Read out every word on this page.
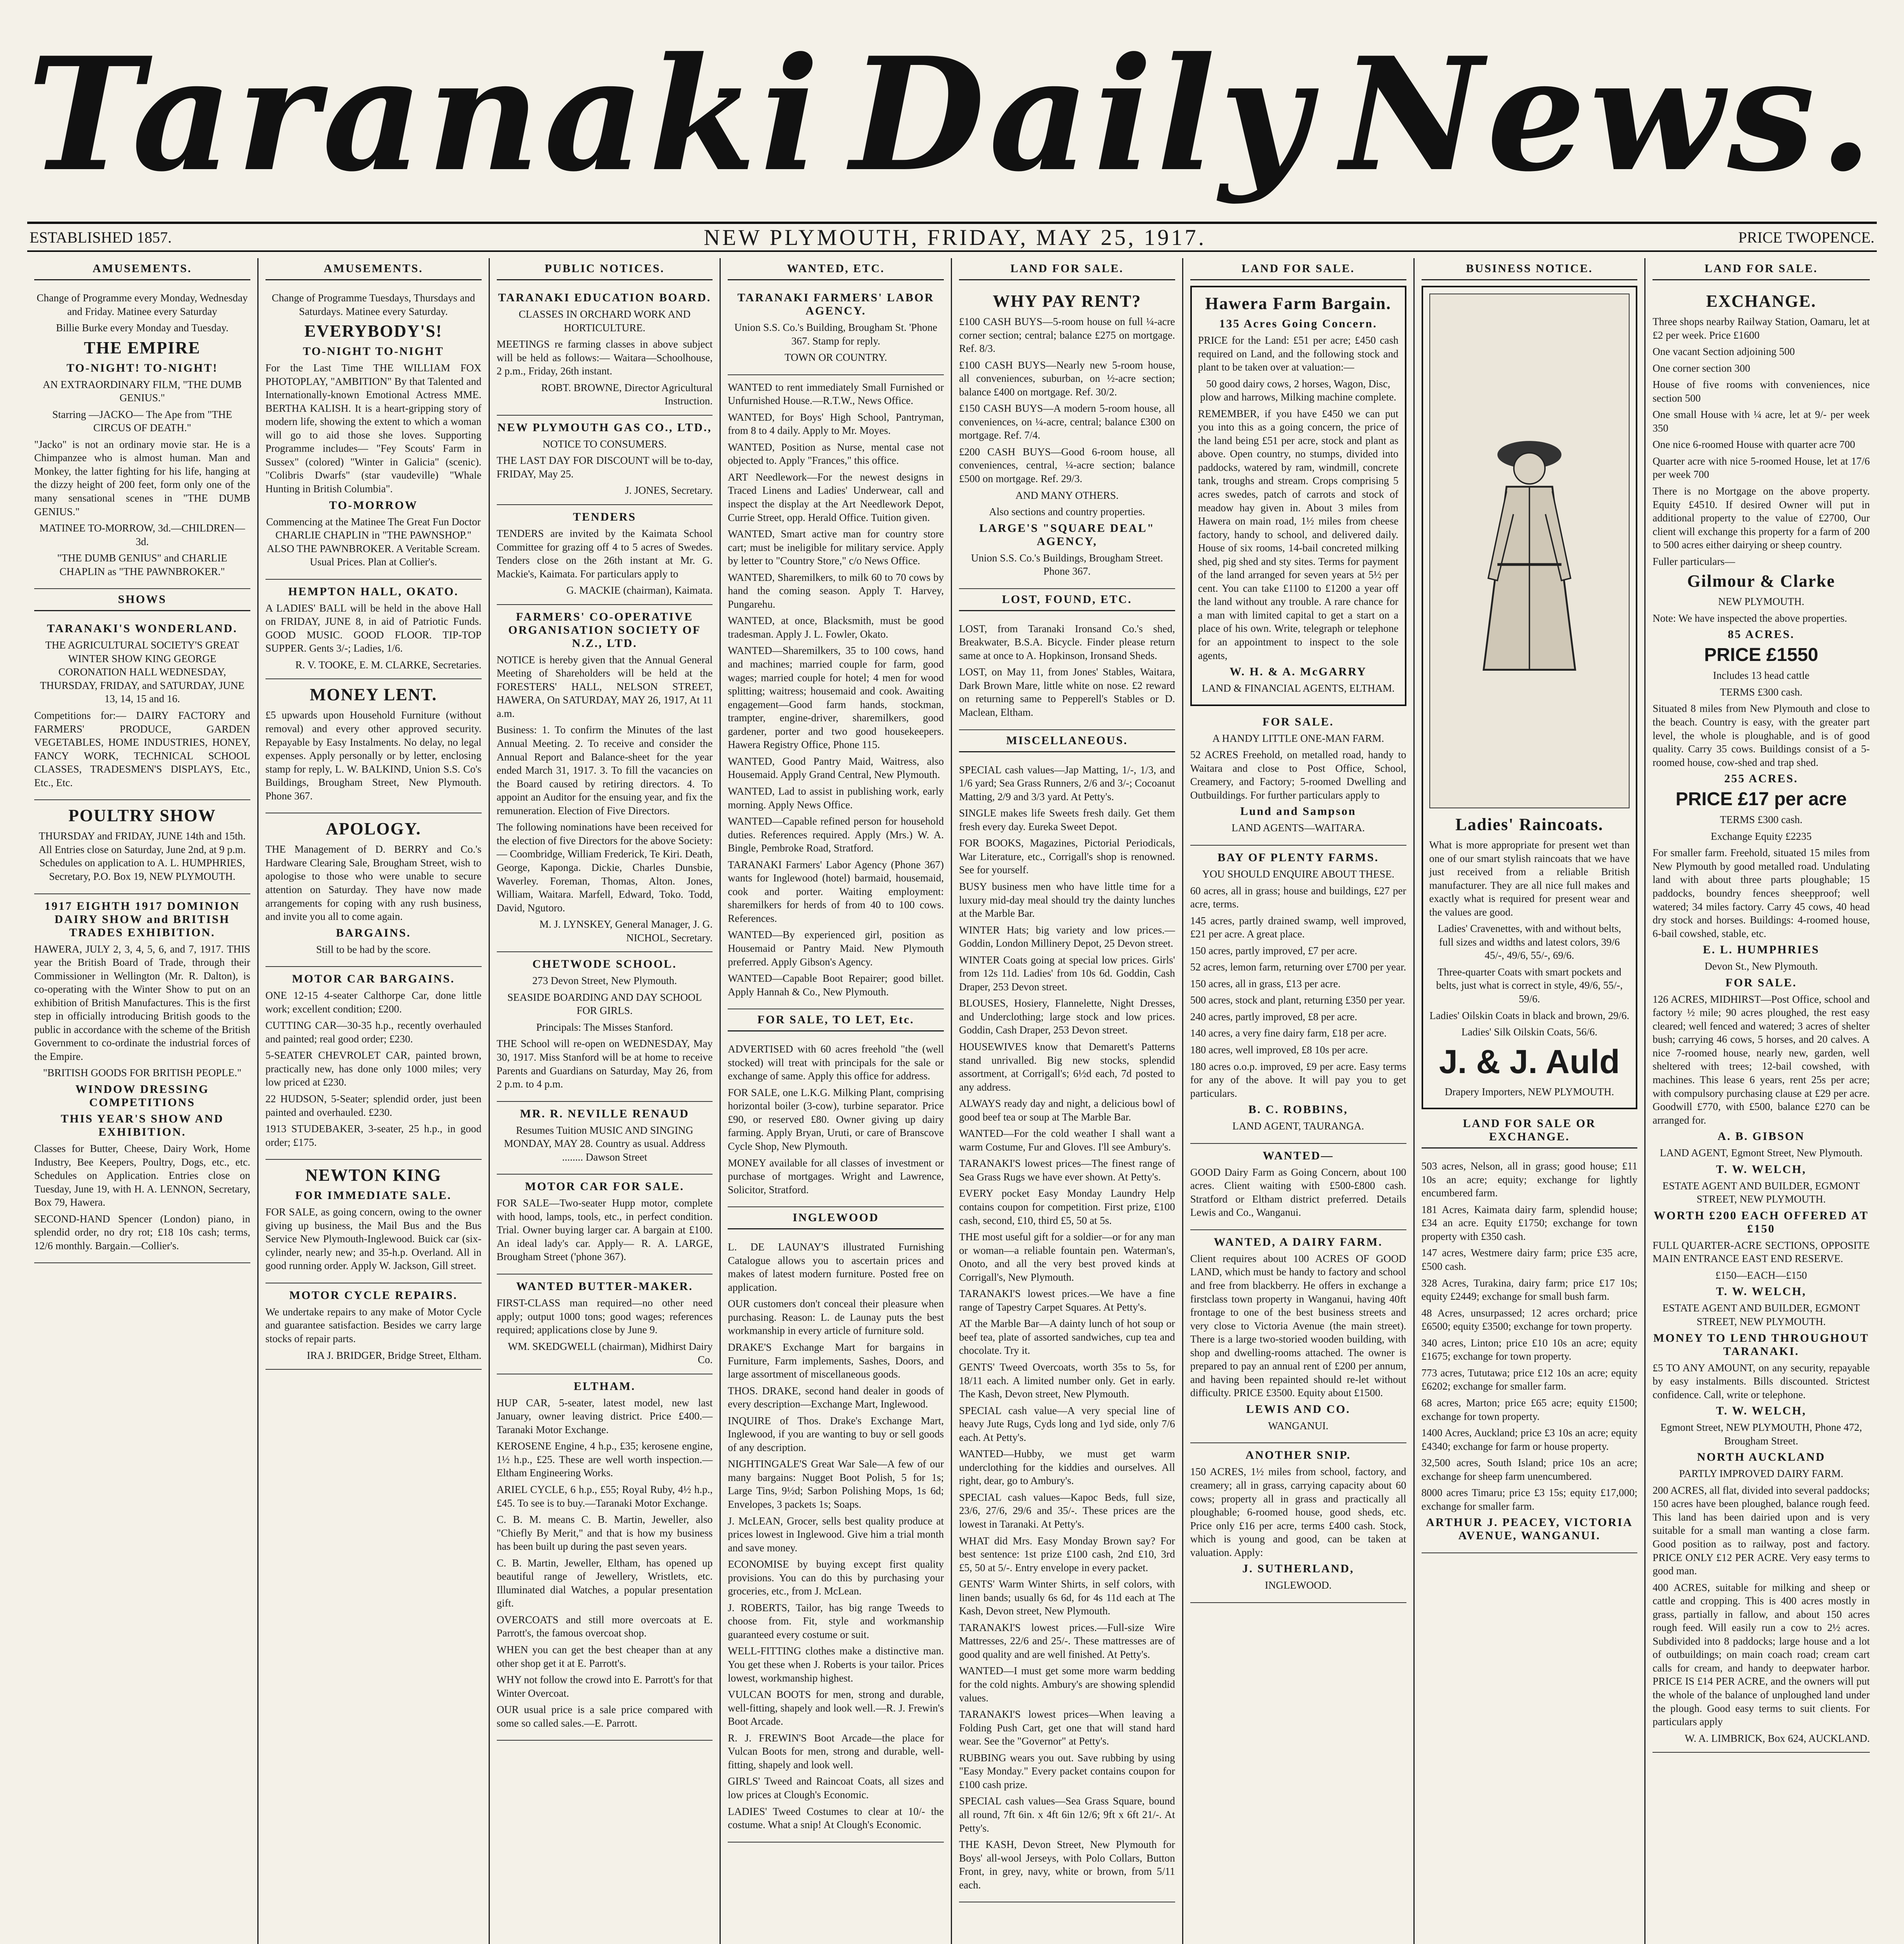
Taranaki Daily News.
ESTABLISHED 1857.	NEW PLYMOUTH, FRIDAY, MAY 25, 1917.	PRICE TWOPENCE.
AMUSEMENTS.

Change of Programme every Monday, Wednesday and Friday. Matinee every Saturday

Billie Burke every Monday and Tuesday.

THE EMPIRE
TO-NIGHT! TO-NIGHT!

AN EXTRAORDINARY FILM, "THE DUMB GENIUS."

Starring —JACKO— The Ape from "THE CIRCUS OF DEATH."

"Jacko" is not an ordinary movie star. He is a Chimpanzee who is almost human. Man and Monkey, the latter fighting for his life, hanging at the dizzy height of 200 feet, form only one of the many sensational scenes in "THE DUMB GENIUS."

MATINEE TO-MORROW, 3d.—CHILDREN—3d.

"THE DUMB GENIUS" and CHARLIE CHAPLIN as "THE PAWNBROKER."

SHOWS
TARANAKI'S WONDERLAND.

THE AGRICULTURAL SOCIETY'S GREAT WINTER SHOW KING GEORGE CORONATION HALL WEDNESDAY, THURSDAY, FRIDAY, and SATURDAY, JUNE 13, 14, 15 and 16.

Competitions for:— DAIRY FACTORY and FARMERS' PRODUCE, GARDEN VEGETABLES, HOME INDUSTRIES, HONEY, FANCY WORK, TECHNICAL SCHOOL CLASSES, TRADESMEN'S DISPLAYS, Etc., Etc., Etc.

POULTRY SHOW

THURSDAY and FRIDAY, JUNE 14th and 15th. All Entries close on Saturday, June 2nd, at 9 p.m. Schedules on application to A. L. HUMPHRIES, Secretary, P.O. Box 19, NEW PLYMOUTH.

1917 EIGHTH 1917 DOMINION DAIRY SHOW and BRITISH TRADES EXHIBITION.

HAWERA, JULY 2, 3, 4, 5, 6, and 7, 1917. THIS year the British Board of Trade, through their Commissioner in Wellington (Mr. R. Dalton), is co-operating with the Winter Show to put on an exhibition of British Manufactures. This is the first step in officially introducing British goods to the public in accordance with the scheme of the British Government to co-ordinate the industrial forces of the Empire.

"BRITISH GOODS FOR BRITISH PEOPLE."

WINDOW DRESSING COMPETITIONS
THIS YEAR'S SHOW AND EXHIBITION.

Classes for Butter, Cheese, Dairy Work, Home Industry, Bee Keepers, Poultry, Dogs, etc., etc. Schedules on Application. Entries close on Tuesday, June 19, with H. A. LENNON, Secretary, Box 79, Hawera.

SECOND-HAND Spencer (London) piano, in splendid order, no dry rot; £18 10s cash; terms, 12/6 monthly. Bargain.—Collier's.

AMUSEMENTS.

Change of Programme Tuesdays, Thursdays and Saturdays. Matinee every Saturday.

EVERYBODY'S!
TO-NIGHT TO-NIGHT

For the Last Time THE WILLIAM FOX PHOTOPLAY, "AMBITION" By that Talented and Internationally-known Emotional Actress MME. BERTHA KALISH. It is a heart-gripping story of modern life, showing the extent to which a woman will go to aid those she loves. Supporting Programme includes— "Fey Scouts' Farm in Sussex" (colored) "Winter in Galicia" (scenic). "Colibris Dwarfs" (star vaudeville) "Whale Hunting in British Columbia".

TO-MORROW

Commencing at the Matinee The Great Fun Doctor CHARLIE CHAPLIN in "THE PAWNSHOP." ALSO THE PAWNBROKER. A Veritable Scream. Usual Prices. Plan at Collier's.

HEMPTON HALL, OKATO.

A LADIES' BALL will be held in the above Hall on FRIDAY, JUNE 8, in aid of Patriotic Funds. GOOD MUSIC. GOOD FLOOR. TIP-TOP SUPPER. Gents 3/-; Ladies, 1/6.

R. V. TOOKE, E. M. CLARKE, Secretaries.

MONEY LENT.

£5 upwards upon Household Furniture (without removal) and every other approved security. Repayable by Easy Instalments. No delay, no legal expenses. Apply personally or by letter, enclosing stamp for reply, L. W. BALKIND, Union S.S. Co's Buildings, Brougham Street, New Plymouth. Phone 367.

APOLOGY.

THE Management of D. BERRY and Co.'s Hardware Clearing Sale, Brougham Street, wish to apologise to those who were unable to secure attention on Saturday. They have now made arrangements for coping with any rush business, and invite you all to come again.

BARGAINS.

Still to be had by the score.

MOTOR CAR BARGAINS.

ONE 12-15 4-seater Calthorpe Car, done little work; excellent condition; £200.

CUTTING CAR—30-35 h.p., recently overhauled and painted; real good order; £230.

5-SEATER CHEVROLET CAR, painted brown, practically new, has done only 1000 miles; very low priced at £230.

22 HUDSON, 5-Seater; splendid order, just been painted and overhauled. £230.

1913 STUDEBAKER, 3-seater, 25 h.p., in good order; £175.

NEWTON KING
FOR IMMEDIATE SALE.

FOR SALE, as going concern, owing to the owner giving up business, the Mail Bus and the Bus Service New Plymouth-Inglewood. Buick car (six-cylinder, nearly new; and 35-h.p. Overland. All in good running order. Apply W. Jackson, Gill street.

MOTOR CYCLE REPAIRS.

We undertake repairs to any make of Motor Cycle and guarantee satisfaction. Besides we carry large stocks of repair parts.

IRA J. BRIDGER, Bridge Street, Eltham.

PUBLIC NOTICES.
TARANAKI EDUCATION BOARD.

CLASSES IN ORCHARD WORK AND HORTICULTURE.

MEETINGS re farming classes in above subject will be held as follows:— Waitara—Schoolhouse, 2 p.m., Friday, 26th instant.

ROBT. BROWNE, Director Agricultural Instruction.

NEW PLYMOUTH GAS CO., LTD.,

NOTICE TO CONSUMERS.

THE LAST DAY FOR DISCOUNT will be to-day, FRIDAY, May 25.

J. JONES, Secretary.

TENDERS

TENDERS are invited by the Kaimata School Committee for grazing off 4 to 5 acres of Swedes. Tenders close on the 26th instant at Mr. G. Mackie's, Kaimata. For particulars apply to

G. MACKIE (chairman), Kaimata.

FARMERS' CO-OPERATIVE ORGANISATION SOCIETY OF N.Z., LTD.

NOTICE is hereby given that the Annual General Meeting of Shareholders will be held at the FORESTERS' HALL, NELSON STREET, HAWERA, On SATURDAY, MAY 26, 1917, At 11 a.m.

Business: 1. To confirm the Minutes of the last Annual Meeting. 2. To receive and consider the Annual Report and Balance-sheet for the year ended March 31, 1917. 3. To fill the vacancies on the Board caused by retiring directors. 4. To appoint an Auditor for the ensuing year, and fix the remuneration. Election of Five Directors.

The following nominations have been received for the election of five Directors for the above Society:— Coombridge, William Frederick, Te Kiri. Death, George, Kaponga. Dickie, Charles Dunsbie, Waverley. Foreman, Thomas, Alton. Jones, William, Waitara. Marfell, Edward, Toko. Todd, David, Ngutoro.

M. J. LYNSKEY, General Manager, J. G. NICHOL, Secretary.

CHETWODE SCHOOL.

273 Devon Street, New Plymouth.

SEASIDE BOARDING AND DAY SCHOOL FOR GIRLS.

Principals: The Misses Stanford.

THE School will re-open on WEDNESDAY, May 30, 1917. Miss Stanford will be at home to receive Parents and Guardians on Saturday, May 26, from 2 p.m. to 4 p.m.

MR. R. NEVILLE RENAUD

Resumes Tuition MUSIC AND SINGING MONDAY, MAY 28. Country as usual. Address ........ Dawson Street

MOTOR CAR FOR SALE.

FOR SALE—Two-seater Hupp motor, complete with hood, lamps, tools, etc., in perfect condition. Trial. Owner buying larger car. A bargain at £100. An ideal lady's car. Apply— R. A. LARGE, Brougham Street ('phone 367).

WANTED BUTTER-MAKER.

FIRST-CLASS man required—no other need apply; output 1000 tons; good wages; references required; applications close by June 9.

WM. SKEDGWELL (chairman), Midhirst Dairy Co.

ELTHAM.

HUP CAR, 5-seater, latest model, new last January, owner leaving district. Price £400.—Taranaki Motor Exchange.

KEROSENE Engine, 4 h.p., £35; kerosene engine, 1½ h.p., £25. These are well worth inspection.—Eltham Engineering Works.

ARIEL CYCLE, 6 h.p., £55; Royal Ruby, 4½ h.p., £45. To see is to buy.—Taranaki Motor Exchange.

C. B. M. means C. B. Martin, Jeweller, also "Chiefly By Merit," and that is how my business has been built up during the past seven years.

C. B. Martin, Jeweller, Eltham, has opened up beautiful range of Jewellery, Wristlets, etc. Illuminated dial Watches, a popular presentation gift.

OVERCOATS and still more overcoats at E. Parrott's, the famous overcoat shop.

WHEN you can get the best cheaper than at any other shop get it at E. Parrott's.

WHY not follow the crowd into E. Parrott's for that Winter Overcoat.

OUR usual price is a sale price compared with some so called sales.—E. Parrott.

WANTED, ETC.
TARANAKI FARMERS' LABOR AGENCY.

Union S.S. Co.'s Building, Brougham St. 'Phone 367. Stamp for reply.

TOWN OR COUNTRY.

WANTED to rent immediately Small Furnished or Unfurnished House.—R.T.W., News Office.

WANTED, for Boys' High School, Pantryman, from 8 to 4 daily. Apply to Mr. Moyes.

WANTED, Position as Nurse, mental case not objected to. Apply "Frances," this office.

ART Needlework—For the newest designs in Traced Linens and Ladies' Underwear, call and inspect the display at the Art Needlework Depot, Currie Street, opp. Herald Office. Tuition given.

WANTED, Smart active man for country store cart; must be ineligible for military service. Apply by letter to "Country Store," c/o News Office.

WANTED, Sharemilkers, to milk 60 to 70 cows by hand the coming season. Apply T. Harvey, Pungarehu.

WANTED, at once, Blacksmith, must be good tradesman. Apply J. L. Fowler, Okato.

WANTED—Sharemilkers, 35 to 100 cows, hand and machines; married couple for farm, good wages; married couple for hotel; 4 men for wood splitting; waitress; housemaid and cook. Awaiting engagement—Good farm hands, stockman, trampter, engine-driver, sharemilkers, good gardener, porter and two good housekeepers. Hawera Registry Office, Phone 115.

WANTED, Good Pantry Maid, Waitress, also Housemaid. Apply Grand Central, New Plymouth.

WANTED, Lad to assist in publishing work, early morning. Apply News Office.

WANTED—Capable refined person for household duties. References required. Apply (Mrs.) W. A. Bingle, Pembroke Road, Stratford.

TARANAKI Farmers' Labor Agency (Phone 367) wants for Inglewood (hotel) barmaid, housemaid, cook and porter. Waiting employment: sharemilkers for herds of from 40 to 100 cows. References.

WANTED—By experienced girl, position as Housemaid or Pantry Maid. New Plymouth preferred. Apply Gibson's Agency.

WANTED—Capable Boot Repairer; good billet. Apply Hannah & Co., New Plymouth.

FOR SALE, TO LET, Etc.

ADVERTISED with 60 acres freehold "the (well stocked) will treat with principals for the sale or exchange of same. Apply this office for address.

FOR SALE, one L.K.G. Milking Plant, comprising horizontal boiler (3-cow), turbine separator. Price £90, or reserved £80. Owner giving up dairy farming. Apply Bryan, Uruti, or care of Branscove Cycle Shop, New Plymouth.

MONEY available for all classes of investment or purchase of mortgages. Wright and Lawrence, Solicitor, Stratford.

INGLEWOOD

L. DE LAUNAY'S illustrated Furnishing Catalogue allows you to ascertain prices and makes of latest modern furniture. Posted free on application.

OUR customers don't conceal their pleasure when purchasing. Reason: L. de Launay puts the best workmanship in every article of furniture sold.

DRAKE'S Exchange Mart for bargains in Furniture, Farm implements, Sashes, Doors, and large assortment of miscellaneous goods.

THOS. DRAKE, second hand dealer in goods of every description—Exchange Mart, Inglewood.

INQUIRE of Thos. Drake's Exchange Mart, Inglewood, if you are wanting to buy or sell goods of any description.

NIGHTINGALE'S Great War Sale—A few of our many bargains: Nugget Boot Polish, 5 for 1s; Large Tins, 9½d; Sarbon Polishing Mops, 1s 6d; Envelopes, 3 packets 1s; Soaps.

J. McLEAN, Grocer, sells best quality produce at prices lowest in Inglewood. Give him a trial month and save money.

ECONOMISE by buying except first quality provisions. You can do this by purchasing your groceries, etc., from J. McLean.

J. ROBERTS, Tailor, has big range Tweeds to choose from. Fit, style and workmanship guaranteed every costume or suit.

WELL-FITTING clothes make a distinctive man. You get these when J. Roberts is your tailor. Prices lowest, workmanship highest.

VULCAN BOOTS for men, strong and durable, well-fitting, shapely and look well.—R. J. Frewin's Boot Arcade.

R. J. FREWIN'S Boot Arcade—the place for Vulcan Boots for men, strong and durable, well-fitting, shapely and look well.

GIRLS' Tweed and Raincoat Coats, all sizes and low prices at Clough's Economic.

LADIES' Tweed Costumes to clear at 10/- the costume. What a snip! At Clough's Economic.

LAND FOR SALE.
WHY PAY RENT?

£100 CASH BUYS—5-room house on full ¼-acre corner section; central; balance £275 on mortgage. Ref. 8/3.

£100 CASH BUYS—Nearly new 5-room house, all conveniences, suburban, on ½-acre section; balance £400 on mortgage. Ref. 30/2.

£150 CASH BUYS—A modern 5-room house, all conveniences, on ¼-acre, central; balance £300 on mortgage. Ref. 7/4.

£200 CASH BUYS—Good 6-room house, all conveniences, central, ¼-acre section; balance £500 on mortgage. Ref. 29/3.

AND MANY OTHERS.

Also sections and country properties.

LARGE'S "SQUARE DEAL" AGENCY,

Union S.S. Co.'s Buildings, Brougham Street. Phone 367.

LOST, FOUND, ETC.

LOST, from Taranaki Ironsand Co.'s shed, Breakwater, B.S.A. Bicycle. Finder please return same at once to A. Hopkinson, Ironsand Sheds.

LOST, on May 11, from Jones' Stables, Waitara, Dark Brown Mare, little white on nose. £2 reward on returning same to Pepperell's Stables or D. Maclean, Eltham.

MISCELLANEOUS.

SPECIAL cash values—Jap Matting, 1/-, 1/3, and 1/6 yard; Sea Grass Runners, 2/6 and 3/-; Cocoanut Matting, 2/9 and 3/3 yard. At Petty's.

SINGLE makes life Sweets fresh daily. Get them fresh every day. Eureka Sweet Depot.

FOR BOOKS, Magazines, Pictorial Periodicals, War Literature, etc., Corrigall's shop is renowned. See for yourself.

BUSY business men who have little time for a luxury mid-day meal should try the dainty lunches at the Marble Bar.

WINTER Hats; big variety and low prices.—Goddin, London Millinery Depot, 25 Devon street.

WINTER Coats going at special low prices. Girls' from 12s 11d. Ladies' from 10s 6d. Goddin, Cash Draper, 253 Devon street.

BLOUSES, Hosiery, Flannelette, Night Dresses, and Underclothing; large stock and low prices. Goddin, Cash Draper, 253 Devon street.

HOUSEWIVES know that Demarett's Patterns stand unrivalled. Big new stocks, splendid assortment, at Corrigall's; 6½d each, 7d posted to any address.

ALWAYS ready day and night, a delicious bowl of good beef tea or soup at The Marble Bar.

WANTED—For the cold weather I shall want a warm Costume, Fur and Gloves. I'll see Ambury's.

TARANAKI'S lowest prices—The finest range of Sea Grass Rugs we have ever shown. At Petty's.

EVERY pocket Easy Monday Laundry Help contains coupon for competition. First prize, £100 cash, second, £10, third £5, 50 at 5s.

THE most useful gift for a soldier—or for any man or woman—a reliable fountain pen. Waterman's, Onoto, and all the very best proved kinds at Corrigall's, New Plymouth.

TARANAKI'S lowest prices.—We have a fine range of Tapestry Carpet Squares. At Petty's.

AT the Marble Bar—A dainty lunch of hot soup or beef tea, plate of assorted sandwiches, cup tea and chocolate. Try it.

GENTS' Tweed Overcoats, worth 35s to 5s, for 18/11 each. A limited number only. Get in early. The Kash, Devon street, New Plymouth.

SPECIAL cash value—A very special line of heavy Jute Rugs, Cyds long and 1yd side, only 7/6 each. At Petty's.

WANTED—Hubby, we must get warm underclothing for the kiddies and ourselves. All right, dear, go to Ambury's.

SPECIAL cash values—Kapoc Beds, full size, 23/6, 27/6, 29/6 and 35/-. These prices are the lowest in Taranaki. At Petty's.

WHAT did Mrs. Easy Monday Brown say? For best sentence: 1st prize £100 cash, 2nd £10, 3rd £5, 50 at 5/-. Entry envelope in every packet.

GENTS' Warm Winter Shirts, in self colors, with linen bands; usually 6s 6d, for 4s 11d each at The Kash, Devon street, New Plymouth.

TARANAKI'S lowest prices.—Full-size Wire Mattresses, 22/6 and 25/-. These mattresses are of good quality and are well finished. At Petty's.

WANTED—I must get some more warm bedding for the cold nights. Ambury's are showing splendid values.

TARANAKI'S lowest prices—When leaving a Folding Push Cart, get one that will stand hard wear. See the "Governor" at Petty's.

RUBBING wears you out. Save rubbing by using "Easy Monday." Every packet contains coupon for £100 cash prize.

SPECIAL cash values—Sea Grass Square, bound all round, 7ft 6in. x 4ft 6in 12/6; 9ft x 6ft 21/-. At Petty's.

THE KASH, Devon Street, New Plymouth for Boys' all-wool Jerseys, with Polo Collars, Button Front, in grey, navy, white or brown, from 5/11 each.

LAND FOR SALE.
Hawera Farm Bargain.
135 Acres Going Concern.

PRICE for the Land: £51 per acre; £450 cash required on Land, and the following stock and plant to be taken over at valuation:—

50 good dairy cows, 2 horses, Wagon, Disc, plow and harrows, Milking machine complete.

REMEMBER, if you have £450 we can put you into this as a going concern, the price of the land being £51 per acre, stock and plant as above. Open country, no stumps, divided into paddocks, watered by ram, windmill, concrete tank, troughs and stream. Crops comprising 5 acres swedes, patch of carrots and stock of meadow hay given in. About 3 miles from Hawera on main road, 1½ miles from cheese factory, handy to school, and delivered daily. House of six rooms, 14-bail concreted milking shed, pig shed and sty sites. Terms for payment of the land arranged for seven years at 5½ per cent. You can take £1100 to £1200 a year off the land without any trouble. A rare chance for a man with limited capital to get a start on a place of his own. Write, telegraph or telephone for an appointment to inspect to the sole agents,

W. H. & A. McGARRY

LAND & FINANCIAL AGENTS, ELTHAM.

FOR SALE.

A HANDY LITTLE ONE-MAN FARM.

52 ACRES Freehold, on metalled road, handy to Waitara and close to Post Office, School, Creamery, and Factory; 5-roomed Dwelling and Outbuildings. For further particulars apply to

Lund and Sampson

LAND AGENTS—WAITARA.

BAY OF PLENTY FARMS.

YOU SHOULD ENQUIRE ABOUT THESE.

60 acres, all in grass; house and buildings, £27 per acre, terms.

145 acres, partly drained swamp, well improved, £21 per acre. A great place.

150 acres, partly improved, £7 per acre.

52 acres, lemon farm, returning over £700 per year.

150 acres, all in grass, £13 per acre.

500 acres, stock and plant, returning £350 per year.

240 acres, partly improved, £8 per acre.

140 acres, a very fine dairy farm, £18 per acre.

180 acres, well improved, £8 10s per acre.

180 acres o.o.p. improved, £9 per acre. Easy terms for any of the above. It will pay you to get particulars.

B. C. ROBBINS,

LAND AGENT, TAURANGA.

WANTED—

GOOD Dairy Farm as Going Concern, about 100 acres. Client waiting with £500-£800 cash. Stratford or Eltham district preferred. Details Lewis and Co., Wanganui.

WANTED, A DAIRY FARM.

Client requires about 100 ACRES OF GOOD LAND, which must be handy to factory and school and free from blackberry. He offers in exchange a firstclass town property in Wanganui, having 40ft frontage to one of the best business streets and very close to Victoria Avenue (the main street). There is a large two-storied wooden building, with shop and dwelling-rooms attached. The owner is prepared to pay an annual rent of £200 per annum, and having been repainted should re-let without difficulty. PRICE £3500. Equity about £1500.

LEWIS AND CO.

WANGANUI.

ANOTHER SNIP.

150 ACRES, 1½ miles from school, factory, and creamery; all in grass, carrying capacity about 60 cows; property all in grass and practically all ploughable; 6-roomed house, good sheds, etc. Price only £16 per acre, terms £400 cash. Stock, which is young and good, can be taken at valuation. Apply:

J. SUTHERLAND,

INGLEWOOD.

BUSINESS NOTICE.
Ladies' Raincoats.

What is more appropriate for present wet than one of our smart stylish raincoats that we have just received from a reliable British manufacturer. They are all nice full makes and exactly what is required for present wear and the values are good.

Ladies' Cravenettes, with and without belts, full sizes and widths and latest colors, 39/6 45/-, 49/6, 55/-, 69/6.

Three-quarter Coats with smart pockets and belts, just what is correct in style, 49/6, 55/-, 59/6.

Ladies' Oilskin Coats in black and brown, 29/6.

Ladies' Silk Oilskin Coats, 56/6.

J. & J. Auld

Drapery Importers, NEW PLYMOUTH.

LAND FOR SALE OR EXCHANGE.

503 acres, Nelson, all in grass; good house; £11 10s an acre; equity; exchange for lightly encumbered farm.

181 Acres, Kaimata dairy farm, splendid house; £34 an acre. Equity £1750; exchange for town property with £350 cash.

147 acres, Westmere dairy farm; price £35 acre, £500 cash.

328 Acres, Turakina, dairy farm; price £17 10s; equity £2449; exchange for small bush farm.

48 Acres, unsurpassed; 12 acres orchard; price £6500; equity £3500; exchange for town property.

340 acres, Linton; price £10 10s an acre; equity £1675; exchange for town property.

773 acres, Tututawa; price £12 10s an acre; equity £6202; exchange for smaller farm.

68 acres, Marton; price £65 acre; equity £1500; exchange for town property.

1400 Acres, Auckland; price £3 10s an acre; equity £4340; exchange for farm or house property.

32,500 acres, South Island; price 10s an acre; exchange for sheep farm unencumbered.

8000 acres Timaru; price £3 15s; equity £17,000; exchange for smaller farm.

ARTHUR J. PEACEY, VICTORIA AVENUE, WANGANUI.
LAND FOR SALE.
EXCHANGE.

Three shops nearby Railway Station, Oamaru, let at £2 per week. Price £1600

One vacant Section adjoining 500

One corner section 300

House of five rooms with conveniences, nice section 500

One small House with ¼ acre, let at 9/- per week 350

One nice 6-roomed House with quarter acre 700

Quarter acre with nice 5-roomed House, let at 17/6 per week 700

There is no Mortgage on the above property. Equity £4510. If desired Owner will put in additional property to the value of £2700, Our client will exchange this property for a farm of 200 to 500 acres either dairying or sheep country.

Fuller particulars—

Gilmour & Clarke

NEW PLYMOUTH.

Note: We have inspected the above properties.

85 ACRES.
PRICE £1550

Includes 13 head cattle

TERMS £300 cash.

Situated 8 miles from New Plymouth and close to the beach. Country is easy, with the greater part level, the whole is ploughable, and is of good quality. Carry 35 cows. Buildings consist of a 5-roomed house, cow-shed and trap shed.

255 ACRES.
PRICE £17 per acre

TERMS £300 cash.

Exchange Equity £2235

For smaller farm. Freehold, situated 15 miles from New Plymouth by good metalled road. Undulating land with about three parts ploughable; 15 paddocks, boundry fences sheepproof; well watered; 34 miles factory. Carry 45 cows, 40 head dry stock and horses. Buildings: 4-roomed house, 6-bail cowshed, stable, etc.

E. L. HUMPHRIES

Devon St., New Plymouth.

FOR SALE.

126 ACRES, MIDHIRST—Post Office, school and factory ½ mile; 90 acres ploughed, the rest easy cleared; well fenced and watered; 3 acres of shelter bush; carrying 46 cows, 5 horses, and 20 calves. A nice 7-roomed house, nearly new, garden, well sheltered with trees; 12-bail cowshed, with machines. This lease 6 years, rent 25s per acre; with compulsory purchasing clause at £29 per acre. Goodwill £770, with £500, balance £270 can be arranged for.

A. B. GIBSON

LAND AGENT, Egmont Street, New Plymouth.

T. W. WELCH,

ESTATE AGENT AND BUILDER, EGMONT STREET, NEW PLYMOUTH.

WORTH £200 EACH OFFERED AT £150

FULL QUARTER-ACRE SECTIONS, OPPOSITE MAIN ENTRANCE EAST END RESERVE.

£150—EACH—£150

T. W. WELCH,

ESTATE AGENT AND BUILDER, EGMONT STREET, NEW PLYMOUTH.

MONEY TO LEND THROUGHOUT TARANAKI.

£5 TO ANY AMOUNT, on any security, repayable by easy instalments. Bills discounted. Strictest confidence. Call, write or telephone.

T. W. WELCH,

Egmont Street, NEW PLYMOUTH, Phone 472, Brougham Street.

NORTH AUCKLAND

PARTLY IMPROVED DAIRY FARM.

200 ACRES, all flat, divided into several paddocks; 150 acres have been ploughed, balance rough feed. This land has been dairied upon and is very suitable for a small man wanting a close farm. Good position as to railway, post and factory. PRICE ONLY £12 PER ACRE. Very easy terms to good man.

400 ACRES, suitable for milking and sheep or cattle and cropping. This is 400 acres mostly in grass, partially in fallow, and about 150 acres rough feed. Will easily run a cow to 2½ acres. Subdivided into 8 paddocks; large house and a lot of outbuildings; on main coach road; cream cart calls for cream, and handy to deepwater harbor. PRICE IS £14 PER ACRE, and the owners will put the whole of the balance of unploughed land under the plough. Good easy terms to suit clients. For particulars apply

W. A. LIMBRICK, Box 624, AUCKLAND.
